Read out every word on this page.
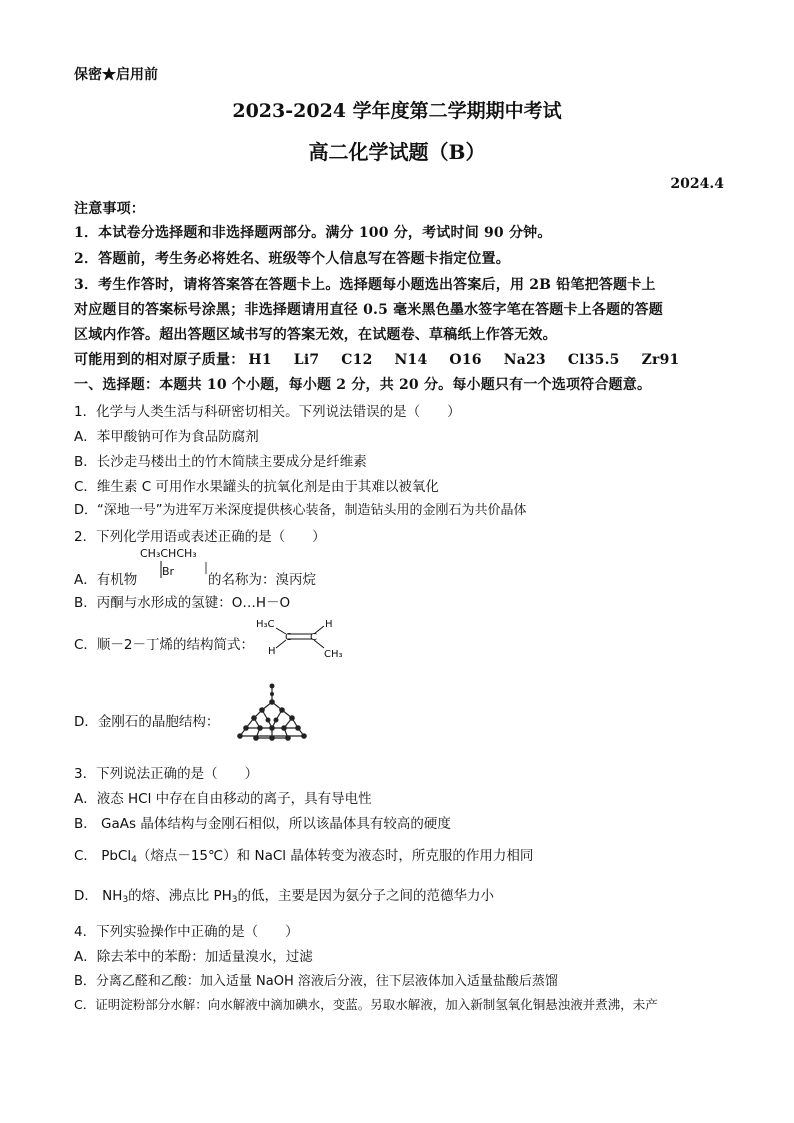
保密★启用前
2023-2024 学年度第二学期期中考试
高二化学试题（B）
2024.4
注意事项：
1．本试卷分选择题和非选择题两部分。满分 100 分，考试时间 90 分钟。
2．答题前，考生务必将姓名、班级等个人信息写在答题卡指定位置。
3．考生作答时，请将答案答在答题卡上。选择题每小题选出答案后，用 2B 铅笔把答题卡上
对应题目的答案标号涂黑；非选择题请用直径 0.5 毫米黑色墨水签字笔在答题卡上各题的答题
区域内作答。超出答题区域书写的答案无效，在试题卷、草稿纸上作答无效。
可能用到的相对原子质量： H1 Li7 C12 N14 O16 Na23 Cl35.5 Zr91
一、选择题：本题共 10 个小题，每小题 2 分，共 20 分。每小题只有一个选项符合题意。
1．化学与人类生活与科研密切相关。下列说法错误的是（　　）
A．苯甲酸钠可作为食品防腐剂
B．长沙走马楼出土的竹木简牍主要成分是纤维素
C．维生素 C 可用作水果罐头的抗氧化剂是由于其难以被氧化
D．“深地一号”为进军万米深度提供核心装备，制造钻头用的金刚石为共价晶体
2．下列化学用语或表述正确的是（　　）
A．有机物
CH₃CHCH₃
Br
的名称为：溴丙烷
B．丙酮与水形成的氢键：O…H－O
C．顺－2－丁烯的结构简式：
H₃C
H
C C
H
CH₃
D．金刚石的晶胞结构：
3．下列说法正确的是（　　）
A．液态 HCl 中存在自由移动的离子，具有导电性
B． GaAs 晶体结构与金刚石相似，所以该晶体具有较高的硬度
C． PbCl$_4$（熔点－15℃）和 NaCl 晶体转变为液态时，所克服的作用力相同
D． $NH_3$的熔、沸点比 $PH_3$的低，主要是因为氨分子之间的范德华力小
4．下列实验操作中正确的是（　　）
A．除去苯中的苯酚：加适量溴水，过滤
B．分离乙醛和乙酸：加入适量 NaOH 溶液后分液，往下层液体加入适量盐酸后蒸馏
C．证明淀粉部分水解：向水解液中滴加碘水，变蓝。另取水解液，加入新制氢氧化铜悬浊液并煮沸，未产
